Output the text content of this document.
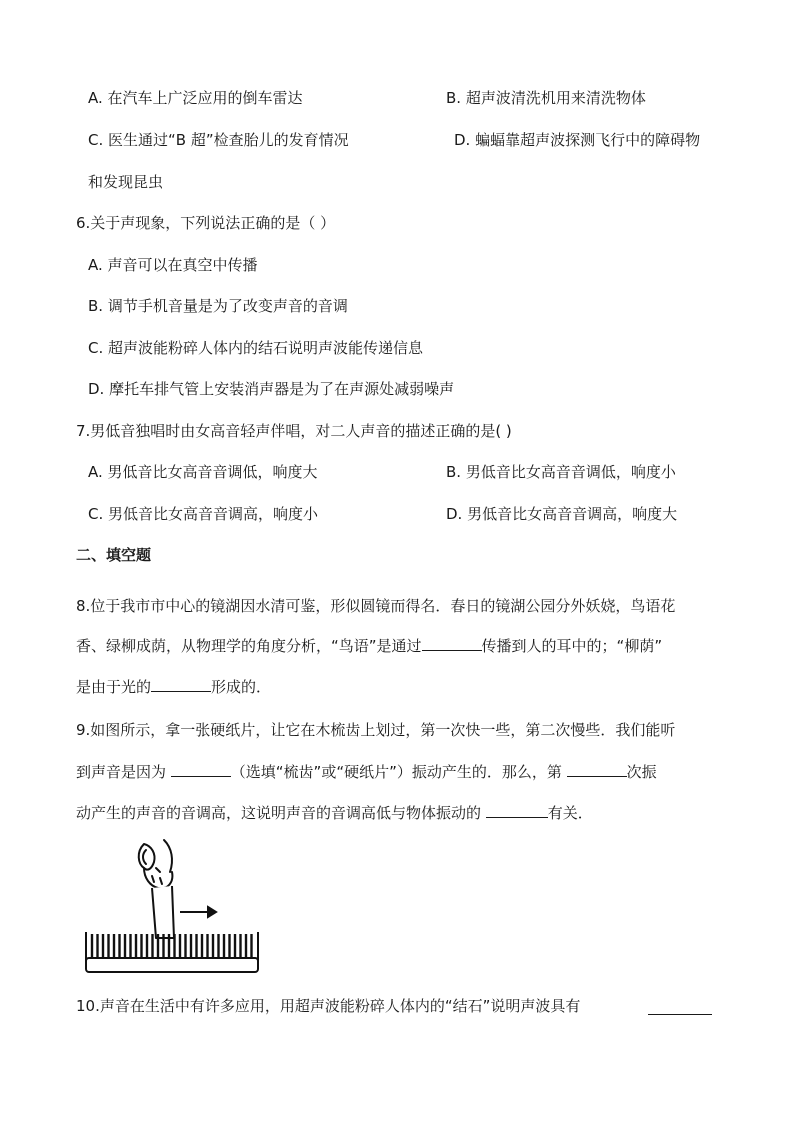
A. 在汽车上广泛应用的倒车雷达	B. 超声波清洗机用来清洗物体
C. 医生通过“B 超”检查胎儿的发育情况	D. 蝙蝠靠超声波探测飞行中的障碍物
和发现昆虫
6.关于声现象，下列说法正确的是（ ）
A. 声音可以在真空中传播
B. 调节手机音量是为了改变声音的音调
C. 超声波能粉碎人体内的结石说明声波能传递信息
D. 摩托车排气管上安装消声器是为了在声源处减弱噪声
7.男低音独唱时由女高音轻声伴唱，对二人声音的描述正确的是( )
A. 男低音比女高音音调低，响度大	B. 男低音比女高音音调低，响度小
C. 男低音比女高音音调高，响度小	D. 男低音比女高音音调高，响度大
二、填空题
8.位于我市市中心的镜湖因水清可鉴，形似圆镜而得名．春日的镜湖公园分外妖娆，鸟语花
香、绿柳成荫，从物理学的角度分析，“鸟语”是通过	传播到人的耳中的；“柳荫”
是由于光的	形成的．
9.如图所示，拿一张硬纸片，让它在木梳齿上划过，第一次快一些，第二次慢些．我们能听
到声音是因为	（选填“梳齿”或“硬纸片”）振动产生的．那么，第	次振
动产生的声音的音调高，这说明声音的音调高低与物体振动的	有关．
10.声音在生活中有许多应用，用超声波能粉碎人体内的“结石”说明声波具有
